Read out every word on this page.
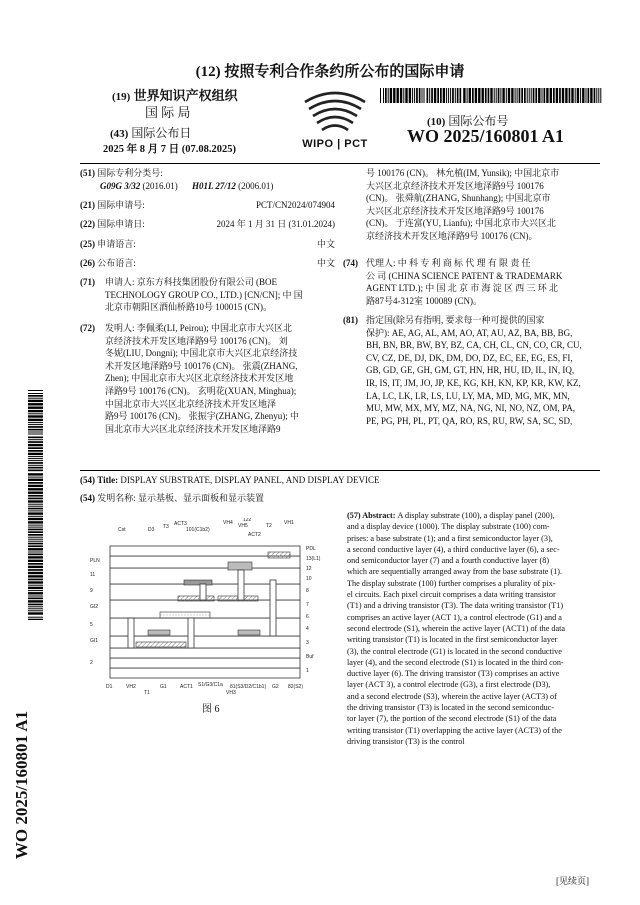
(12) 按照专利合作条约所公布的国际申请
(19) 世界知识产权组织
国 际 局
(43) 国际公布日
2025 年 8 月 7 日 (07.08.2025)	WIPO | PCT
(10) 国际公布号
WO 2025/160801 A1
(51) 国际专利分类号:
G09G 3/32 (2016.01) H01L 27/12 (2006.01)
(21) 国际申请号:	PCT/CN2024/074904
(22) 国际申请日:	2024 年 1 月 31 日 (31.01.2024)
(25) 申请语言:	中文
(26) 公布语言:	中文
(71) 申请人: 京东方科技集团股份有限公司 (BOE
TECHNOLOGY GROUP CO., LTD.) [CN/CN]; 中 国
北京市朝阳区酒仙桥路10号 100015 (CN)。
(72) 发明人: 李佩柔(LI, Peirou); 中国北京市大兴区北
京经济技术开发区地泽路9号 100176 (CN)。 刘
冬妮(LIU, Dongni); 中国北京市大兴区北京经济技
术开发区地泽路9号 100176 (CN)。 张震(ZHANG,
Zhen); 中国北京市大兴区北京经济技术开发区地
泽路9号 100176 (CN)。 玄明花(XUAN, Minghua);
中国北京市大兴区北京经济技术开发区地泽
路9号 100176 (CN)。 张振宇(ZHANG, Zhenyu); 中
国北京市大兴区北京经济技术开发区地泽路9
号 100176 (CN)。 林允植(IM, Yunsik); 中国北京市
大兴区北京经济技术开发区地泽路9号 100176
(CN)。 张舜航(ZHANG, Shunhang); 中国北京市
大兴区北京经济技术开发区地泽路9号 100176
(CN)。 于连富(YU, Lianfu); 中国北京市大兴区北
京经济技术开发区地泽路9号 100176 (CN)。
(74) 代理人: 中 科 专 利 商 标 代 理 有 限 责 任
公 司 (CHINA SCIENCE PATENT & TRADEMARK
AGENT LTD.); 中 国 北 京 市 海 淀 区 西 三 环 北
路87号4-312室 100089 (CN)。
(81) 指定国(除另有指明, 要求每一种可提供的国家
保护): AE, AG, AL, AM, AO, AT, AU, AZ, BA, BB, BG,
BH, BN, BR, BW, BY, BZ, CA, CH, CL, CN, CO, CR, CU,
CV, CZ, DE, DJ, DK, DM, DO, DZ, EC, EE, EG, ES, FI,
GB, GD, GE, GH, GM, GT, HN, HR, HU, ID, IL, IN, IQ,
IR, IS, IT, JM, JO, JP, KE, KG, KH, KN, KP, KR, KW, KZ,
LA, LC, LK, LR, LS, LU, LY, MA, MD, MG, MK, MN,
MU, MW, MX, MY, MZ, NA, NG, NI, NO, NZ, OM, PA,
PE, PG, PH, PL, PT, QA, RO, RS, RU, RW, SA, SC, SD,
(54) Title: DISPLAY SUBSTRATE, DISPLAY PANEL, AND DISPLAY DEVICE
(54) 发明名称: 显示基板、显示面板和显示装置
Cst	D3 T3 ACT3
101(C1b2)
VH4 VH5
122
T2 VH1
ACT2
PLN
11
9
GI2
5
GI1
2
PDL
13(L1)
12
10
8
7
6
4
3
Buf
1
D1	VH2	G1	ACT1 S1/G3/C1a 81(S3/D2/C1b1) G2 82(S2)
T1	VH3
图 6
(57) Abstract: A display substrate (100), a display panel (200),
and a display device (1000). The display substrate (100) com-
prises: a base substrate (1); and a first semiconductor layer (3),
a second conductive layer (4), a third conductive layer (6), a sec-
ond semiconductor layer (7) and a fourth conductive layer (8)
which are sequentially arranged away from the base substrate (1).
The display substrate (100) further comprises a plurality of pix-
el circuits. Each pixel circuit comprises a data writing transistor
(T1) and a driving transistor (T3). The data writing transistor (T1)
comprises an active layer (ACT 1), a control electrode (G1) and a
second electrode (S1), wherein the active layer (ACT1) of the data
writing transistor (T1) is located in the first semiconductor layer
(3), the control electrode (G1) is located in the second conductive
layer (4), and the second electrode (S1) is located in the third con-
ductive layer (6). The driving transistor (T3) comprises an active
layer (ACT 3), a control electrode (G3), a first electrode (D3),
and a second electrode (S3), wherein the active layer (ACT3) of
the driving transistor (T3) is located in the second semiconduc-
tor layer (7), the portion of the second electrode (S1) of the data
writing transistor (T1) overlapping the active layer (ACT3) of the
driving transistor (T3) is the control
WO 2025/160801 A1
[见续页]
